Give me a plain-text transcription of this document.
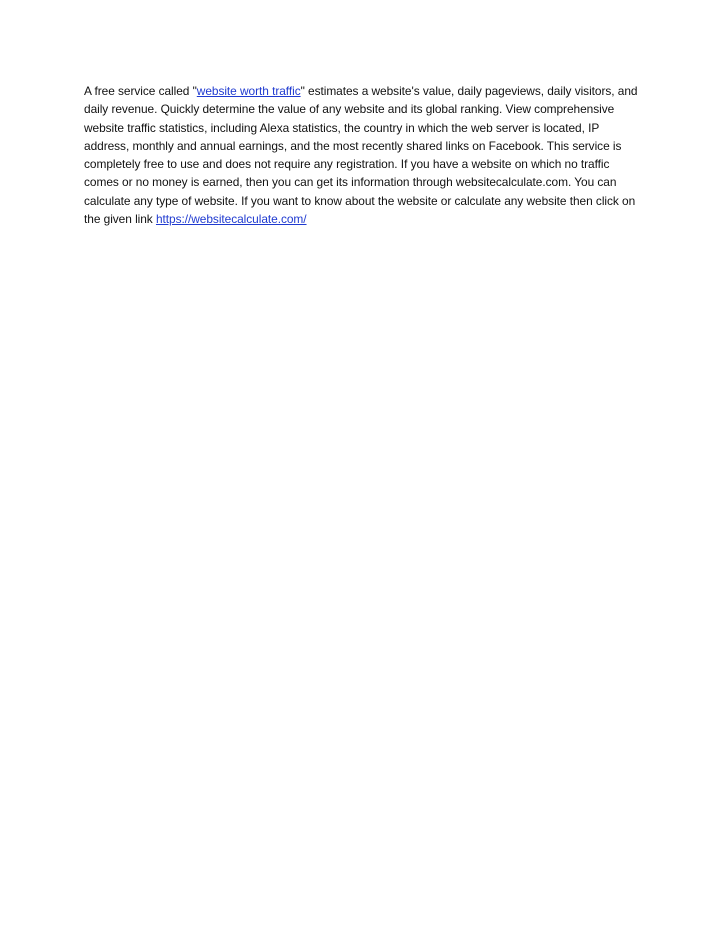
A free service called "website worth traffic" estimates a website's value, daily pageviews, daily visitors, and daily revenue. Quickly determine the value of any website and its global ranking. View comprehensive website traffic statistics, including Alexa statistics, the country in which the web server is located, IP address, monthly and annual earnings, and the most recently shared links on Facebook. This service is completely free to use and does not require any registration. If you have a website on which no traffic comes or no money is earned, then you can get its information through websitecalculate.com. You can calculate any type of website. If you want to know about the website or calculate any website then click on the given link https://websitecalculate.com/
